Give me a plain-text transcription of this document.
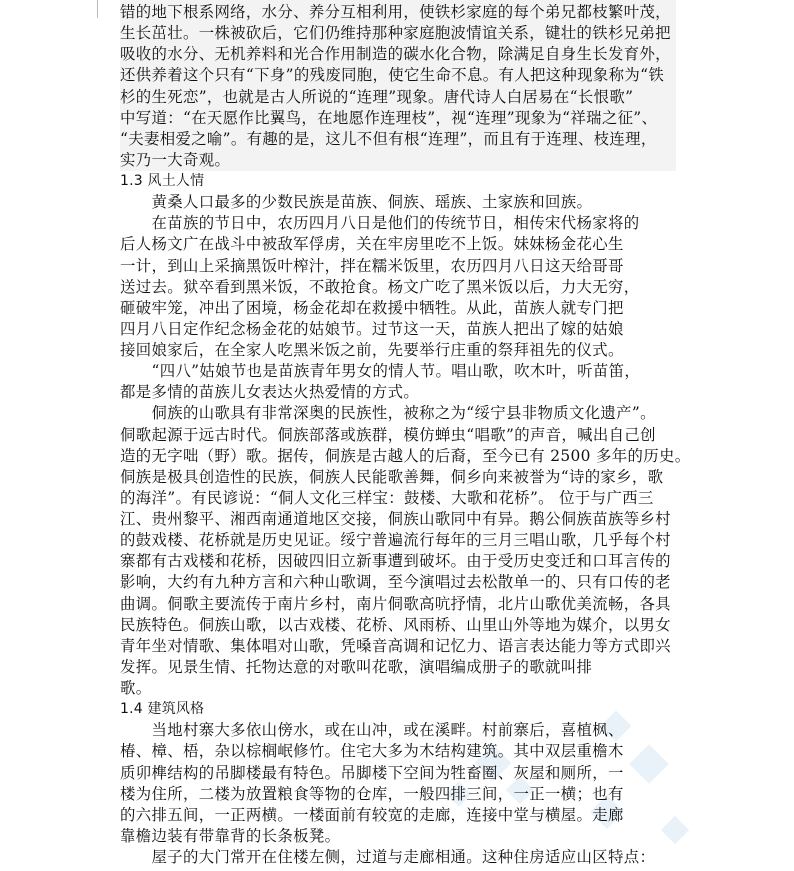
错的地下根系网络，水分、养分互相利用，使铁杉家庭的每个弟兄都枝繁叶茂，
生长茁壮。一株被砍后，它们仍维持那种家庭胞波情谊关系，键壮的铁杉兄弟把
吸收的水分、无机养料和光合作用制造的碳水化合物，除满足自身生长发育外，
还供养着这个只有“下身”的残废同胞，使它生命不息。有人把这种现象称为“铁
杉的生死恋”，也就是古人所说的“连理”现象。唐代诗人白居易在“长恨歌”
中写道：“在天愿作比翼鸟，在地愿作连理枝”，视“连理”现象为“祥瑞之征”、
“夫妻相爱之喻”。有趣的是，这儿不但有根“连理”，而且有于连理、枝连理，
实乃一大奇观。
1.3 风土人情
　　黄桑人口最多的少数民族是苗族、侗族、瑶族、土家族和回族。
　　在苗族的节日中，农历四月八日是他们的传统节日，相传宋代杨家将的
后人杨文广在战斗中被敌军俘虏，关在牢房里吃不上饭。妹妹杨金花心生
一计，到山上采摘黑饭叶榨汁，拌在糯米饭里，农历四月八日这天给哥哥
送过去。狱卒看到黑米饭，不敢抢食。杨文广吃了黑米饭以后，力大无穷，
砸破牢笼，冲出了困境，杨金花却在救援中牺牲。从此，苗族人就专门把
四月八日定作纪念杨金花的姑娘节。过节这一天，苗族人把出了嫁的姑娘
接回娘家后，在全家人吃黑米饭之前，先要举行庄重的祭拜祖先的仪式。
　　“四八”姑娘节也是苗族青年男女的情人节。唱山歌，吹木叶，听苗笛，
都是多情的苗族儿女表达火热爱情的方式。
　　侗族的山歌具有非常深奥的民族性，被称之为“绥宁县非物质文化遗产”。
侗歌起源于远古时代。侗族部落或族群，模仿蝉虫“唱歌”的声音，喊出自己创
造的无字咄（野）歌。据传，侗族是古越人的后裔，至今已有 2500 多年的历史。
侗族是极具创造性的民族，侗族人民能歌善舞，侗乡向来被誉为“诗的家乡，歌
的海洋”。有民谚说：“侗人文化三样宝：鼓楼、大歌和花桥”。 位于与广西三
江、贵州黎平、湘西南通道地区交接，侗族山歌同中有异。鹅公侗族苗族等乡村
的鼓戏楼、花桥就是历史见证。绥宁普遍流行每年的三月三唱山歌，几乎每个村
寨都有古戏楼和花桥，因破四旧立新事遭到破坏。由于受历史变迁和口耳言传的
影响，大约有九种方言和六种山歌调，至今演唱过去松散单一的、只有口传的老
曲调。侗歌主要流传于南片乡村，南片侗歌高吭抒情，北片山歌优美流畅，各具
民族特色。侗族山歌，以古戏楼、花桥、风雨桥、山里山外等地为媒介，以男女
青年坐对情歌、集体唱对山歌，凭嗓音高调和记忆力、语言表达能力等方式即兴
发挥。见景生情、托物达意的对歌叫花歌，演唱编成册子的歌就叫排
歌。
1.4 建筑风格
　　当地村寨大多依山傍水，或在山冲，或在溪畔。村前寨后，喜植枫、
椿、樟、梧，杂以棕榈岷修竹。住宅大多为木结构建筑。其中双层重檐木
质卯榫结构的吊脚楼最有特色。吊脚楼下空间为牲畜圈、灰屋和厕所，一
楼为住所，二楼为放置粮食等物的仓库，一般四排三间，一正一横；也有
的六排五间，一正两横。一楼面前有较宽的走廊，连接中堂与横屋。走廊
靠檐边装有带靠背的长条板凳。
　　屋子的大门常开在住楼左侧，过道与走廊相通。这种住房适应山区特点：
